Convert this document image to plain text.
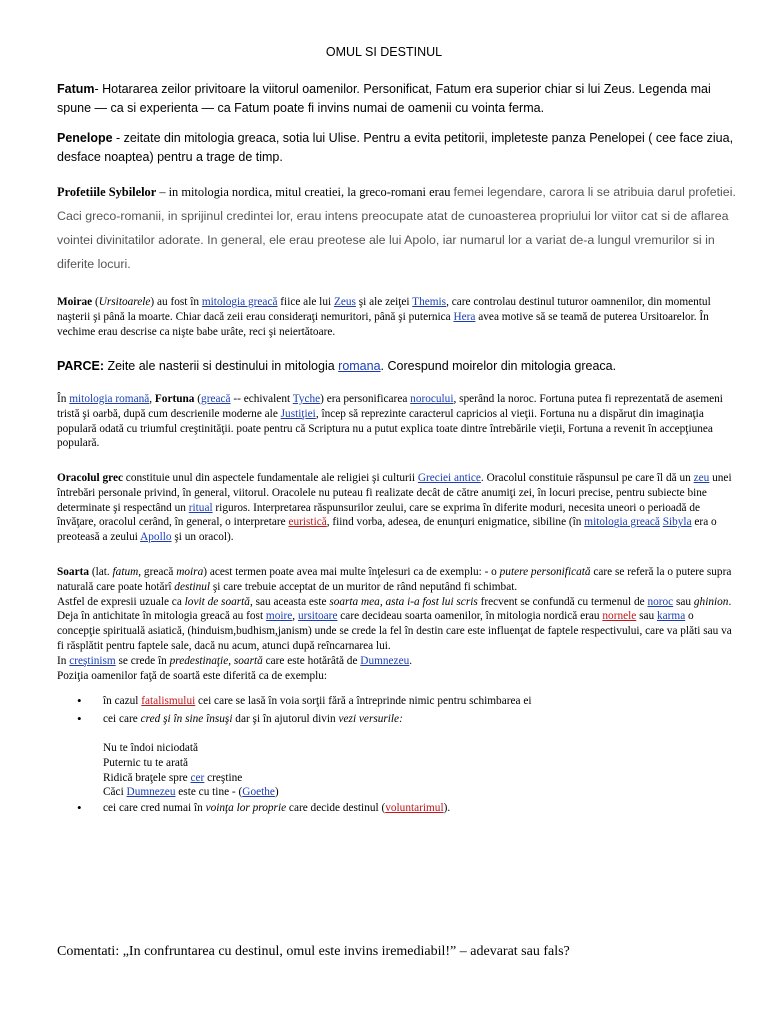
OMUL SI DESTINUL
Fatum- Hotararea zeilor privitoare la viitorul oamenilor. Personificat, Fatum era superior chiar si lui Zeus. Legenda mai spune — ca si experienta — ca Fatum poate fi invins numai de oamenii cu vointa ferma.
Penelope - zeitate din mitologia greaca, sotia lui Ulise. Pentru a evita petitorii, impleteste panza Penelopei ( cee face ziua, desface noaptea) pentru a trage de timp.
Profetiile Sybilelor – in mitologia nordica, mitul creatiei, la greco-romani erau femei legendare, carora li se atribuia darul profetiei. Caci greco-romanii, in sprijinul credintei lor, erau intens preocupate atat de cunoasterea propriului lor viitor cat si de aflarea vointei divinitatilor adorate. In general, ele erau preotese ale lui Apolo, iar numarul lor a variat de-a lungul vremurilor si in diferite locuri.
Moirae (Ursitoarele) au fost în mitologia greacă fiice ale lui Zeus şi ale zeiţei Themis, care controlau destinul tuturor oamnenilor, din momentul naşterii şi până la moarte. Chiar dacă zeii erau consideraţi nemuritori, până şi puternica Hera avea motive să se teamă de puterea Ursitoarelor. În vechime erau descrise ca nişte babe urâte, reci şi neiertătoare.
PARCE: Zeite ale nasterii si destinului in mitologia romana. Corespund moirelor din mitologia greaca.
În mitologia romană, Fortuna (greacă -- echivalent Tyche) era personificarea norocului, sperând la noroc. Fortuna putea fi reprezentată de asemeni tristă şi oarbă, după cum descrienile moderne ale Justiţiei, încep să reprezinte caracterul capricios al vieţii. Fortuna nu a dispărut din imaginaţia populară odată cu triumful creştinităţii. poate pentru că Scriptura nu a putut explica toate dintre întrebările vieţii, Fortuna a revenit în accepţiunea populară.
Oracolul grec constituie unul din aspectele fundamentale ale religiei şi culturii Greciei antice. Oracolul constituie răspunsul pe care îl dă un zeu unei întrebări personale privind, în general, viitorul. Oracolele nu puteau fi realizate decât de către anumiţi zei, în locuri precise, pentru subiecte bine determinate şi respectând un ritual riguros. Interpretarea răspunsurilor zeului, care se exprima în diferite moduri, necesita uneori o perioadă de învăţare, oracolul cerând, în general, o interpretare euristică, fiind vorba, adesea, de enunţuri enigmatice, sibiline (în mitologia greacă Sibyla era o preoteasă a zeului Apollo şi un oracol).
Soarta (lat. fatum, greacă moira) acest termen poate avea mai multe înţelesuri ca de exemplu: - o putere personificată care se referă la o putere supra naturală care poate hotărî destinul şi care trebuie acceptat de un muritor de rând neputând fi schimbat.
Astfel de expresii uzuale ca lovit de soartă, sau aceasta este soarta mea, asta i-a fost lui scris frecvent se confundă cu termenul de noroc sau ghinion.
Deja în antichitate în mitologia greacă au fost moire, ursitoare care decideau soarta oamenilor, în mitologia nordică erau nornele sau karma o concepţie spirituală asiatică, (hinduism,budhism,janism) unde se crede la fel în destin care este influenţat de faptele respectivului, care va plăti sau va fi răsplătit pentru faptele sale, dacă nu acum, atunci după reîncarnarea lui.
In creştinism se crede în predestinaţie, soartă care este hotărâtă de Dumnezeu.
Poziţia oamenilor faţă de soartă este diferită ca de exemplu:
• în cazul fatalismului cei care se lasă în voia sorţii fără a întreprinde nimic pentru schimbarea ei
• cei care cred şi în sine însuşi dar şi în ajutorul divin vezi versurile:
Nu te îndoi niciodată
Puternic tu te arată
Ridică braţele spre cer creştine
Căci Dumnezeu este cu tine - (Goethe)
• cei care cred numai în voinţa lor proprie care decide destinul (voluntarimul).
Comentati: „In confruntarea cu destinul, omul este invins iremediabil!” – adevarat sau fals?
